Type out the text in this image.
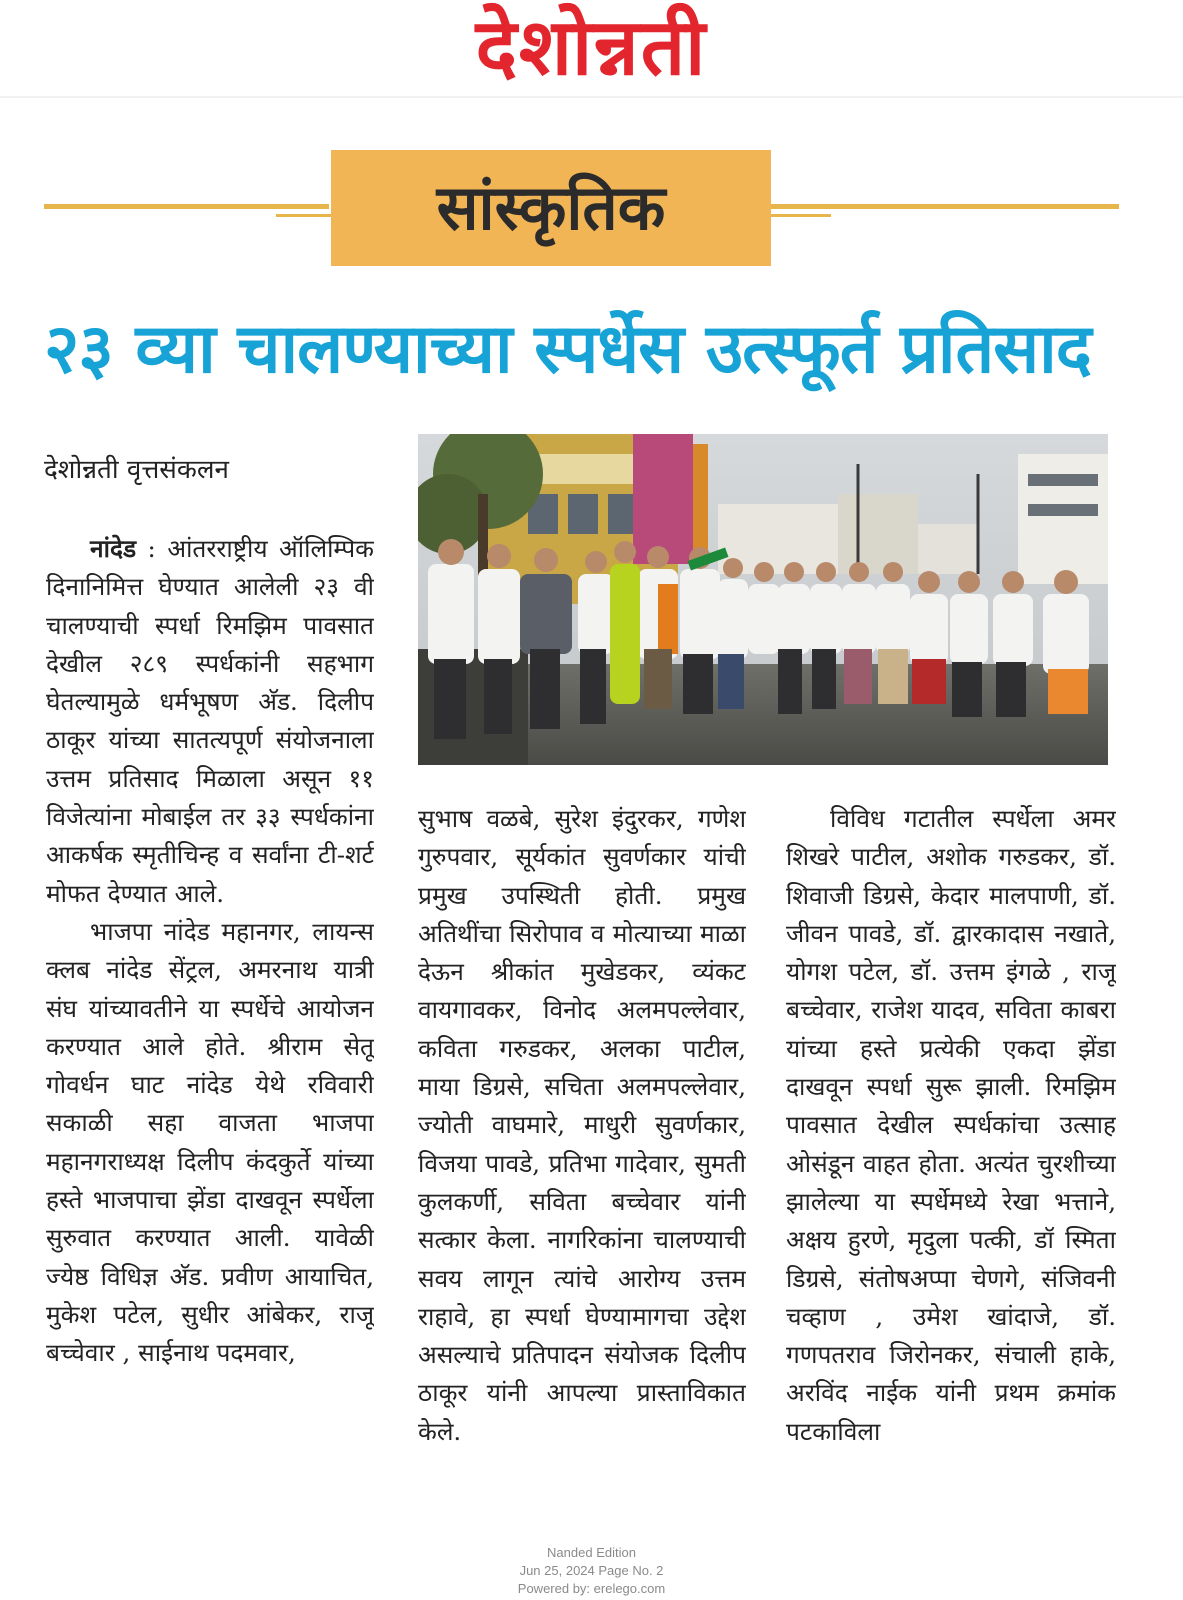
देशोन्नती
सांस्कृतिक
२३ व्या चालण्याच्या स्पर्धेस उत्स्फूर्त प्रतिसाद
देशोन्नती वृत्तसंकलन

नांदेड : आंतरराष्ट्रीय ऑलिम्पिक दिनानिमित्त घेण्यात आलेली २३ वी चालण्याची स्पर्धा रिमझिम पावसात देखील २८९ स्पर्धकांनी सहभाग घेतल्यामुळे धर्मभूषण अ‍ॅड. दिलीप ठाकूर यांच्या सातत्यपूर्ण संयोजनाला उत्तम प्रतिसाद मिळाला असून ११ विजेत्यांना मोबाईल तर ३३ स्पर्धकांना आकर्षक स्मृतीचिन्ह व सर्वांना टी-शर्ट मोफत देण्यात आले.

भाजपा नांदेड महानगर, लायन्स क्लब नांदेड सेंट्रल, अमरनाथ यात्री संघ यांच्यावतीने या स्पर्धेचे आयोजन करण्यात आले होते. श्रीराम सेतू गोवर्धन घाट नांदेड येथे रविवारी सकाळी सहा वाजता भाजपा महानगराध्यक्ष दिलीप कंदकुर्ते यांच्या हस्ते भाजपाचा झेंडा दाखवून स्पर्धेला सुरुवात करण्यात आली. यावेळी ज्येष्ठ विधिज्ञ अ‍ॅड. प्रवीण आयाचित, मुकेश पटेल, सुधीर आंबेकर, राजू बच्चेवार , साईनाथ पदमवार,

सुभाष वळबे, सुरेश इंदुरकर, गणेश गुरुपवार, सूर्यकांत सुवर्णकार यांची प्रमुख उपस्थिती होती. प्रमुख अतिथींचा सिरोपाव व मोत्याच्या माळा देऊन श्रीकांत मुखेडकर, व्यंकट वायगावकर, विनोद अलमपल्लेवार, कविता गरुडकर, अलका पाटील, माया डिग्रसे, सचिता अलमपल्लेवार, ज्योती वाघमारे, माधुरी सुवर्णकार, विजया पावडे, प्रतिभा गादेवार, सुमती कुलकर्णी, सविता बच्चेवार यांनी सत्कार केला. नागरिकांना चालण्याची सवय लागून त्यांचे आरोग्य उत्तम राहावे, हा स्पर्धा घेण्यामागचा उद्देश असल्याचे प्रतिपादन संयोजक दिलीप ठाकूर यांनी आपल्या प्रास्ताविकात केले.

विविध गटातील स्पर्धेला अमर शिखरे पाटील, अशोक गरुडकर, डॉ. शिवाजी डिग्रसे, केदार मालपाणी, डॉ. जीवन पावडे, डॉ. द्वारकादास नखाते, योगश पटेल, डॉ. उत्तम इंगळे , राजू बच्चेवार, राजेश यादव, सविता काबरा यांच्या हस्ते प्रत्येकी एकदा झेंडा दाखवून स्पर्धा सुरू झाली. रिमझिम पावसात देखील स्पर्धकांचा उत्साह ओसंडून वाहत होता. अत्यंत चुरशीच्या झालेल्या या स्पर्धेमध्ये रेखा भत्ताने, अक्षय हुरणे, मृदुला पत्की, डॉ स्मिता डिग्रसे, संतोषअप्पा चेणगे, संजिवनी चव्हाण , उमेश खांदाजे, डॉ. गणपतराव जिरोनकर, संचाली हाके, अरविंद नाईक यांनी प्रथम क्रमांक पटकाविला

Nanded Edition
Jun 25, 2024 Page No. 2
Powered by: erelego.com
